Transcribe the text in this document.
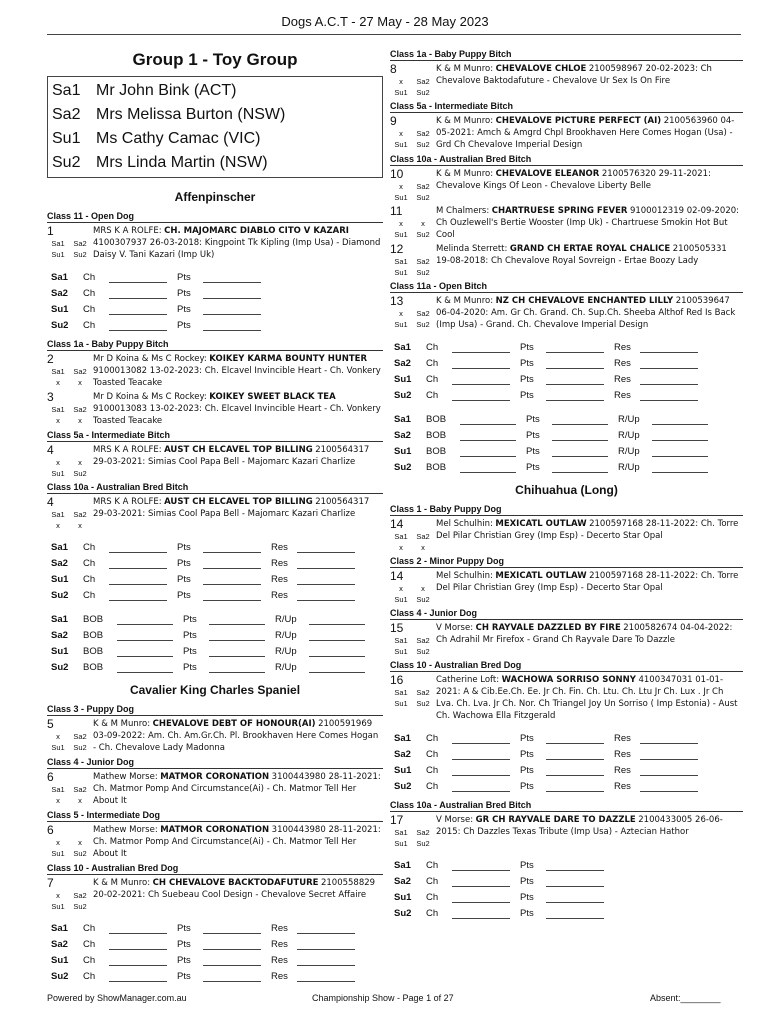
Dogs A.C.T - 27 May - 28 May 2023
Group 1 - Toy Group
Sa1 Mr John Bink (ACT)
Sa2 Mrs Melissa Burton (NSW)
Su1 Ms Cathy Camac (VIC)
Su2 Mrs Linda Martin (NSW)
Affenpinscher
Class 11 - Open Dog
1
Sa1	Sa2
Su1	Su2
MRS K A ROLFE: CH. MAJOMARC DIABLO CITO V KAZARI 4100307937 26-03-2018: Kingpoint Tk Kipling (Imp Usa) - Diamond Daisy V. Tani Kazari (Imp Uk)
Sa1	Ch	Pts
Sa2	Ch	Pts
Su1	Ch	Pts
Su2	Ch	Pts
Class 1a - Baby Puppy Bitch
2
Sa1	Sa2
x	x
Mr D Koina & Ms C Rockey: KOIKEY KARMA BOUNTY HUNTER 9100013082 13-02-2023: Ch. Elcavel Invincible Heart - Ch. Vonkery Toasted Teacake
3
Sa1	Sa2
x	x
Mr D Koina & Ms C Rockey: KOIKEY SWEET BLACK TEA 9100013083 13-02-2023: Ch. Elcavel Invincible Heart - Ch. Vonkery Toasted Teacake
Class 5a - Intermediate Bitch
4
x	x
Su1	Su2
MRS K A ROLFE: AUST CH ELCAVEL TOP BILLING 2100564317 29-03-2021: Simias Cool Papa Bell - Majomarc Kazari Charlize
Class 10a - Australian Bred Bitch
4
Sa1	Sa2
x	x
MRS K A ROLFE: AUST CH ELCAVEL TOP BILLING 2100564317 29-03-2021: Simias Cool Papa Bell - Majomarc Kazari Charlize
Sa1	Ch	Pts	Res
Sa2	Ch	Pts	Res
Su1	Ch	Pts	Res
Su2	Ch	Pts	Res
Sa1	BOB	Pts	R/Up
Sa2	BOB	Pts	R/Up
Su1	BOB	Pts	R/Up
Su2	BOB	Pts	R/Up
Cavalier King Charles Spaniel
Class 3 - Puppy Dog
5
x	Sa2
Su1	Su2
K & M Munro: CHEVALOVE DEBT OF HONOUR(AI) 2100591969 03-09-2022: Am. Ch. Am.Gr.Ch. Pl. Brookhaven Here Comes Hogan - Ch. Chevalove Lady Madonna
Class 4 - Junior Dog
6
Sa1	Sa2
x	x
Mathew Morse: MATMOR CORONATION 3100443980 28-11-2021: Ch. Matmor Pomp And Circumstance(Ai) - Ch. Matmor Tell Her About It
Class 5 - Intermediate Dog
6
x	x
Su1	Su2
Mathew Morse: MATMOR CORONATION 3100443980 28-11-2021: Ch. Matmor Pomp And Circumstance(Ai) - Ch. Matmor Tell Her About It
Class 10 - Australian Bred Dog
7
x	Sa2
Su1	Su2
K & M Munro: CH CHEVALOVE BACKTODAFUTURE 2100558829 20-02-2021: Ch Suebeau Cool Design - Chevalove Secret Affaire
Sa1	Ch	Pts	Res
Sa2	Ch	Pts	Res
Su1	Ch	Pts	Res
Su2	Ch	Pts	Res
Class 1a - Baby Puppy Bitch
8
x	Sa2
Su1	Su2
K & M Munro: CHEVALOVE CHLOE 2100598967 20-02-2023: Ch Chevalove Baktodafuture - Chevalove Ur Sex Is On Fire
Class 5a - Intermediate Bitch
9
x	Sa2
Su1	Su2
K & M Munro: CHEVALOVE PICTURE PERFECT (AI) 2100563960 04-05-2021: Amch & Amgrd Chpl Brookhaven Here Comes Hogan (Usa) - Grd Ch Chevalove Imperial Design
Class 10a - Australian Bred Bitch
10
x	Sa2
Su1	Su2
K & M Munro: CHEVALOVE ELEANOR 2100576320 29-11-2021: Chevalove Kings Of Leon - Chevalove Liberty Belle
11
x	x
Su1	Su2
M Chalmers: CHARTRUESE SPRING FEVER 9100012319 02-09-2020: Ch Ouzlewell's Bertie Wooster (Imp Uk) - Chartruese Smokin Hot But Cool
12
Sa1	Sa2
Su1	Su2
Melinda Sterrett: GRAND CH ERTAE ROYAL CHALICE 2100505331 19-08-2018: Ch Chevalove Royal Sovreign - Ertae Boozy Lady
Class 11a - Open Bitch
13
x	Sa2
Su1	Su2
K & M Munro: NZ CH CHEVALOVE ENCHANTED LILLY 2100539647 06-04-2020: Am. Gr Ch. Grand. Ch. Sup.Ch. Sheeba Althof Red Is Back (Imp Usa) - Grand. Ch. Chevalove Imperial Design
Sa1	Ch	Pts	Res
Sa2	Ch	Pts	Res
Su1	Ch	Pts	Res
Su2	Ch	Pts	Res
Sa1	BOB	Pts	R/Up
Sa2	BOB	Pts	R/Up
Su1	BOB	Pts	R/Up
Su2	BOB	Pts	R/Up
Chihuahua (Long)
Class 1 - Baby Puppy Dog
14
Sa1	Sa2
x	x
Mel Schulhin: MEXICATL OUTLAW 2100597168 28-11-2022: Ch. Torre Del Pilar Christian Grey (Imp Esp) - Decerto Star Opal
Class 2 - Minor Puppy Dog
14
x	x
Su1	Su2
Mel Schulhin: MEXICATL OUTLAW 2100597168 28-11-2022: Ch. Torre Del Pilar Christian Grey (Imp Esp) - Decerto Star Opal
Class 4 - Junior Dog
15
Sa1	Sa2
Su1	Su2
V Morse: CH RAYVALE DAZZLED BY FIRE 2100582674 04-04-2022: Ch Adrahil Mr Firefox - Grand Ch Rayvale Dare To Dazzle
Class 10 - Australian Bred Dog
16
Sa1	Sa2
Su1	Su2
Catherine Loft: WACHOWA SORRISO SONNY 4100347031 01-01-2021: A & Cib.Ee.Ch. Ee. Jr Ch. Fin. Ch. Ltu. Ch. Ltu Jr Ch. Lux . Jr Ch Lva. Ch. Lva. Jr Ch. Nor. Ch Triangel Joy Un Sorriso ( Imp Estonia) - Aust Ch. Wachowa Ella Fitzgerald
Sa1	Ch	Pts	Res
Sa2	Ch	Pts	Res
Su1	Ch	Pts	Res
Su2	Ch	Pts	Res
Class 10a - Australian Bred Bitch
17
Sa1	Sa2
Su1	Su2
V Morse: GR CH RAYVALE DARE TO DAZZLE 2100433005 26-06-2015: Ch Dazzles Texas Tribute (Imp Usa) - Aztecian Hathor
Sa1	Ch	Pts
Sa2	Ch	Pts
Su1	Ch	Pts
Su2	Ch	Pts
Powered by ShowManager.com.au	Championship Show - Page 1 of 27	Absent:________
